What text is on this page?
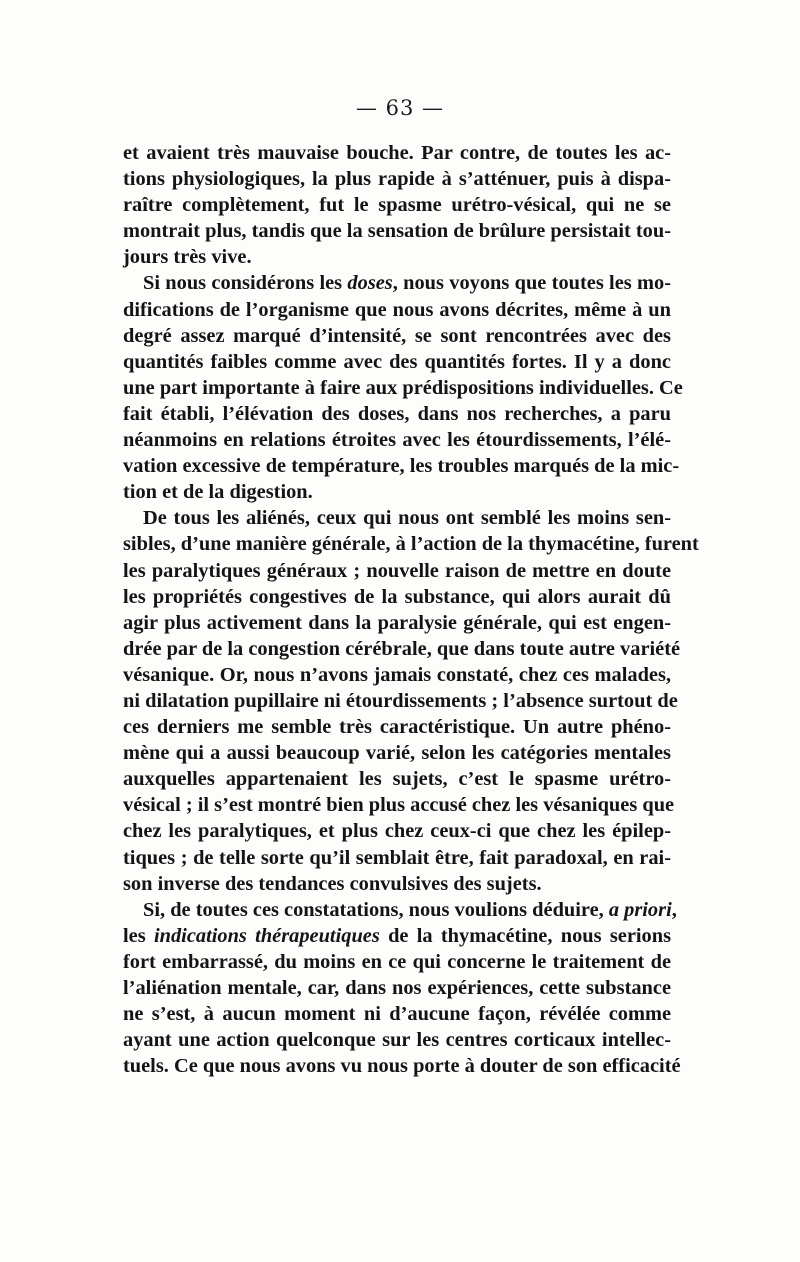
— 63 —
et avaient très mauvaise bouche. Par contre, de toutes les ac-
tions physiologiques, la plus rapide à s’atténuer, puis à dispa-
raître complètement, fut le spasme urétro-vésical, qui ne se
montrait plus, tandis que la sensation de brûlure persistait tou-
jours très vive.
Si nous considérons les doses, nous voyons que toutes les mo-
difications de l’organisme que nous avons décrites, même à un
degré assez marqué d’intensité, se sont rencontrées avec des
quantités faibles comme avec des quantités fortes. Il y a donc
une part importante à faire aux prédispositions individuelles. Ce
fait établi, l’élévation des doses, dans nos recherches, a paru
néanmoins en relations étroites avec les étourdissements, l’élé-
vation excessive de température, les troubles marqués de la mic-
tion et de la digestion.
De tous les aliénés, ceux qui nous ont semblé les moins sen-
sibles, d’une manière générale, à l’action de la thymacétine, furent
les paralytiques généraux ; nouvelle raison de mettre en doute
les propriétés congestives de la substance, qui alors aurait dû
agir plus activement dans la paralysie générale, qui est engen-
drée par de la congestion cérébrale, que dans toute autre variété
vésanique. Or, nous n’avons jamais constaté, chez ces malades,
ni dilatation pupillaire ni étourdissements ; l’absence surtout de
ces derniers me semble très caractéristique. Un autre phéno-
mène qui a aussi beaucoup varié, selon les catégories mentales
auxquelles appartenaient les sujets, c’est le spasme urétro-
vésical ; il s’est montré bien plus accusé chez les vésaniques que
chez les paralytiques, et plus chez ceux-ci que chez les épilep-
tiques ; de telle sorte qu’il semblait être, fait paradoxal, en rai-
son inverse des tendances convulsives des sujets.
Si, de toutes ces constatations, nous voulions déduire, a priori,
les indications thérapeutiques de la thymacétine, nous serions
fort embarrassé, du moins en ce qui concerne le traitement de
l’aliénation mentale, car, dans nos expériences, cette substance
ne s’est, à aucun moment ni d’aucune façon, révélée comme
ayant une action quelconque sur les centres corticaux intellec-
tuels. Ce que nous avons vu nous porte à douter de son efficacité
